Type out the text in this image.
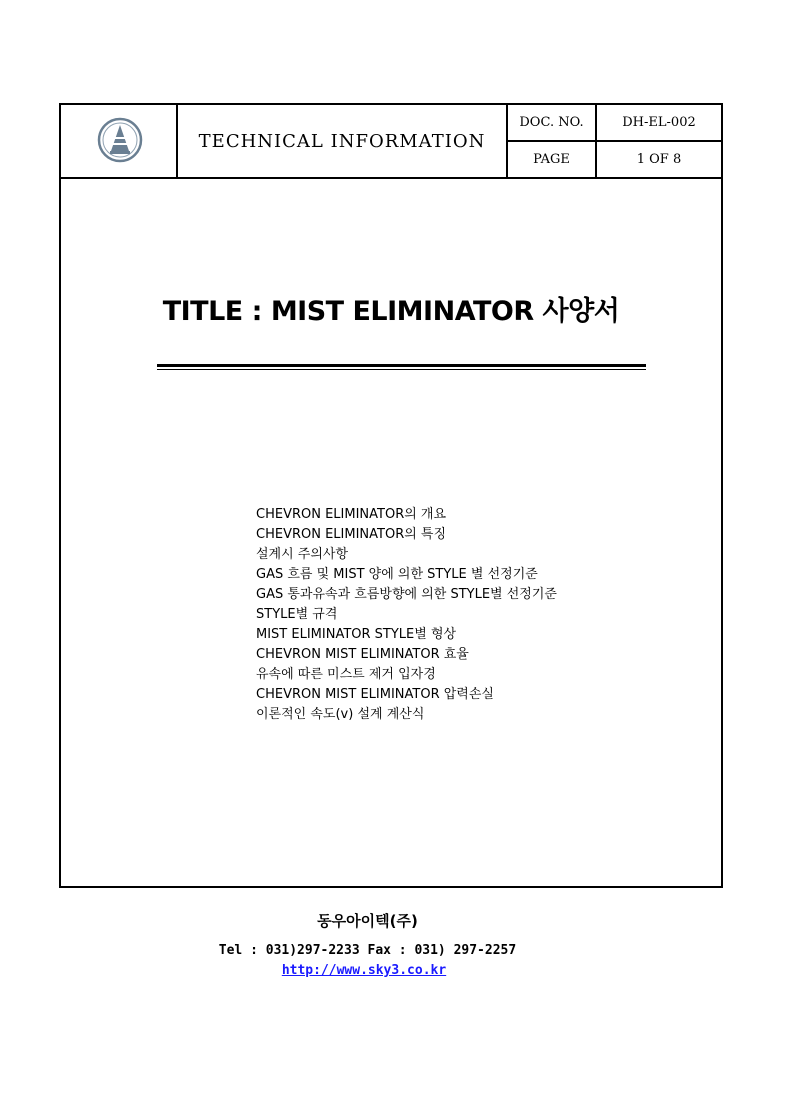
TECHNICAL INFORMATION
DOC. NO.	DH-EL-002
PAGE	1 OF 8
TITLE : MIST ELIMINATOR 사양서
CHEVRON ELIMINATOR의 개요
CHEVRON ELIMINATOR의 특징
설계시 주의사항
GAS 흐름 및 MIST 양에 의한 STYLE 별 선정기준
GAS 통과유속과 흐름방향에 의한 STYLE별 선정기준
STYLE별 규격
MIST ELIMINATOR STYLE별 형상
CHEVRON MIST ELIMINATOR 효율
유속에 따른 미스트 제거 입자경
CHEVRON MIST ELIMINATOR 압력손실
이론적인 속도(v) 설계 계산식
동우아이텍(주)
Tel : 031)297-2233 Fax : 031) 297-2257
http://www.sky3.co.kr
